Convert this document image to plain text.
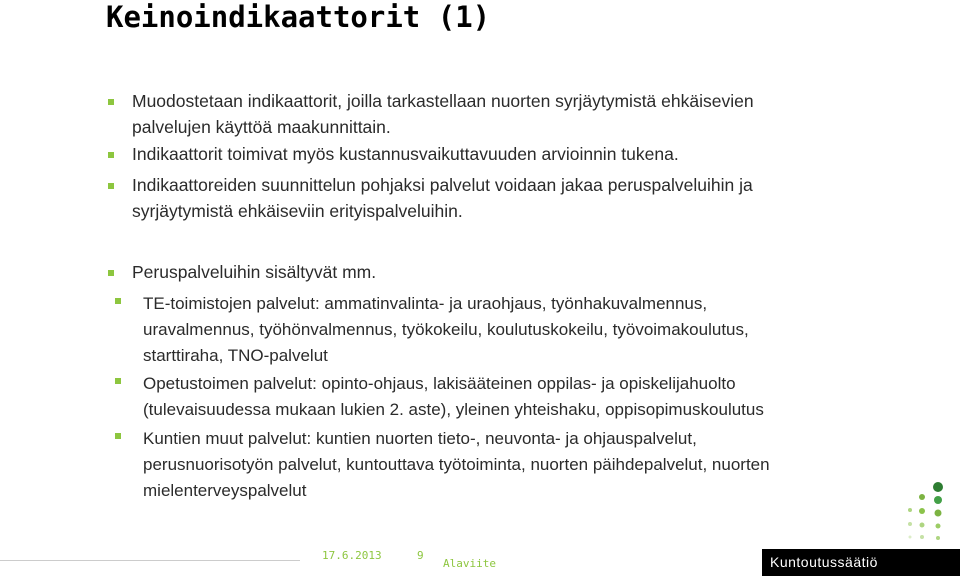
Keinoindikaattorit (1)
Muodostetaan indikaattorit, joilla tarkastellaan nuorten syrjäytymistä ehkäisevien
palvelujen käyttöä maakunnittain.
Indikaattorit toimivat myös kustannusvaikuttavuuden arvioinnin tukena.
Indikaattoreiden suunnittelun pohjaksi palvelut voidaan jakaa peruspalveluihin ja
syrjäytymistä ehkäiseviin erityispalveluihin.
Peruspalveluihin sisältyvät mm.
TE-toimistojen palvelut: ammatinvalinta- ja uraohjaus, työnhakuvalmennus,
uravalmennus, työhönvalmennus, työkokeilu, koulutuskokeilu, työvoimakoulutus,
starttiraha, TNO-palvelut
Opetustoimen palvelut: opinto-ohjaus, lakisääteinen oppilas- ja opiskelijahuolto
(tulevaisuudessa mukaan lukien 2. aste), yleinen yhteishaku, oppisopimuskoulutus
Kuntien muut palvelut: kuntien nuorten tieto-, neuvonta- ja ohjauspalvelut,
perusnuorisotyön palvelut, kuntouttava työtoiminta, nuorten päihdepalvelut, nuorten
mielenterveyspalvelut
17.6.2013	9
Alaviite	Kuntoutussäätiö
